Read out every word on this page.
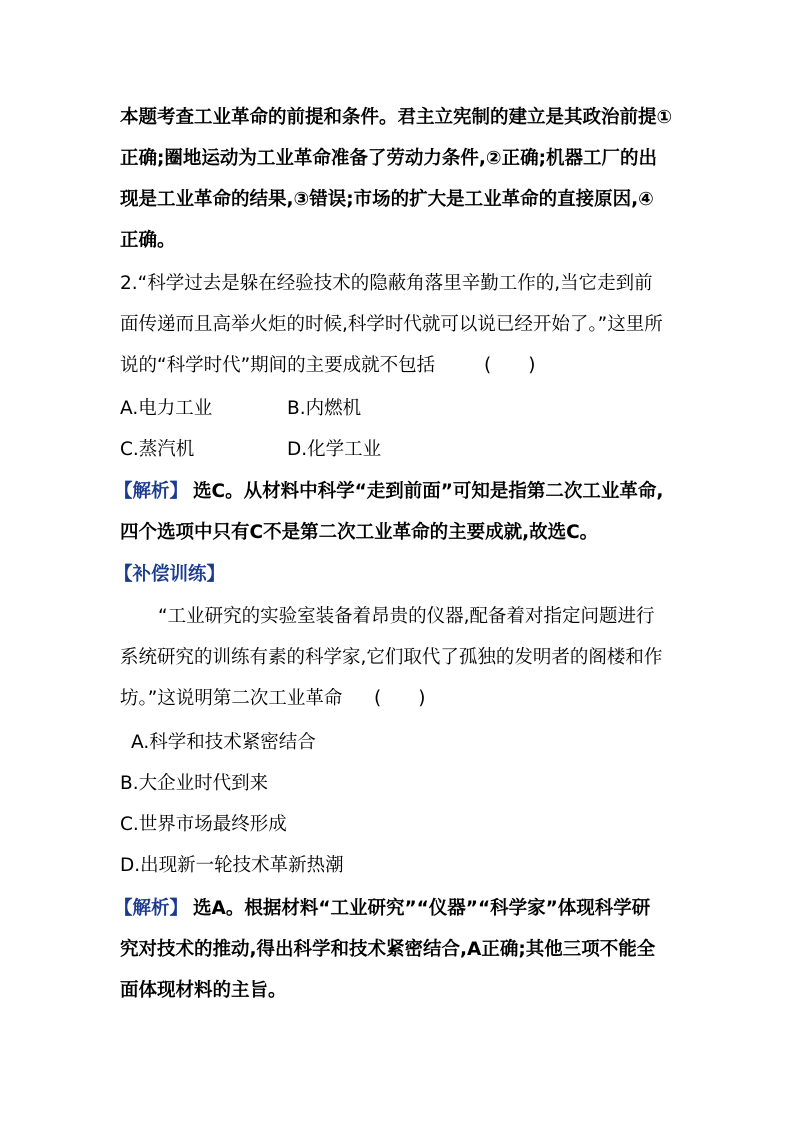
本题考查工业革命的前提和条件。君主立宪制的建立是其政治前提①
正确;圈地运动为工业革命准备了劳动力条件,②正确;机器工厂的出
现是工业革命的结果,③错误;市场的扩大是工业革命的直接原因,④
正确。
2.“科学过去是躲在经验技术的隐蔽角落里辛勤工作的,当它走到前
面传递而且高举火炬的时候,科学时代就可以说已经开始了。”这里所
说的“科学时代”期间的主要成就不包括	(　　)
A.电力工业	B.内燃机
C.蒸汽机	D.化学工业
【解析】 选C。从材料中科学“走到前面”可知是指第二次工业革命,
四个选项中只有C不是第二次工业革命的主要成就,故选C。
【补偿训练】
“工业研究的实验室装备着昂贵的仪器,配备着对指定问题进行
系统研究的训练有素的科学家,它们取代了孤独的发明者的阁楼和作
坊。”这说明第二次工业革命 (　　)
A.科学和技术紧密结合
B.大企业时代到来
C.世界市场最终形成
D.出现新一轮技术革新热潮
【解析】 选A。根据材料“工业研究”“仪器”“科学家”体现科学研
究对技术的推动,得出科学和技术紧密结合,A正确;其他三项不能全
面体现材料的主旨。
